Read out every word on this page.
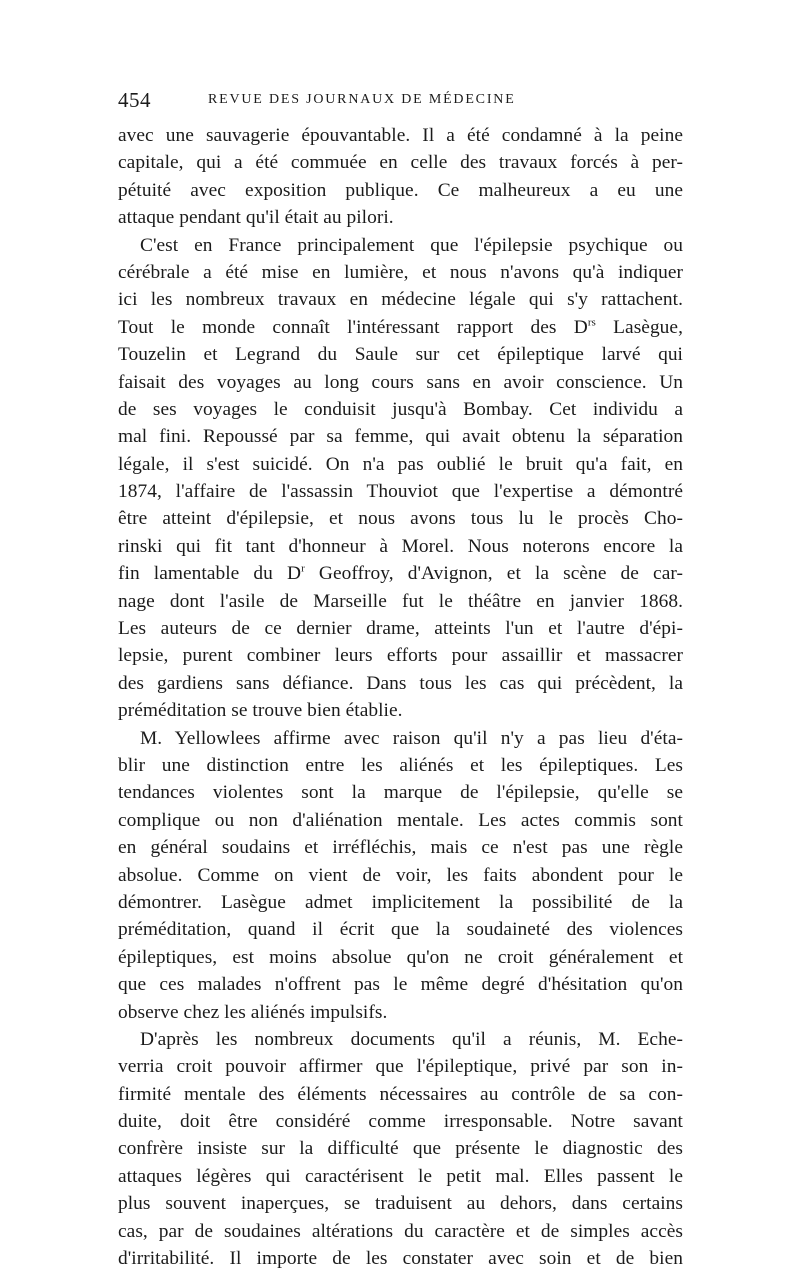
454	REVUE DES JOURNAUX DE MÉDECINE
avec une sauvagerie épouvantable. Il a été condamné à la peine
capitale, qui a été commuée en celle des travaux forcés à per-
pétuité avec exposition publique. Ce malheureux a eu une
attaque pendant qu'il était au pilori.
C'est en France principalement que l'épilepsie psychique ou
cérébrale a été mise en lumière, et nous n'avons qu'à indiquer
ici les nombreux travaux en médecine légale qui s'y rattachent.
Tout le monde connaît l'intéressant rapport des $D^{rs}$ Lasègue,
Touzelin et Legrand du Saule sur cet épileptique larvé qui
faisait des voyages au long cours sans en avoir conscience. Un
de ses voyages le conduisit jusqu'à Bombay. Cet individu a
mal fini. Repoussé par sa femme, qui avait obtenu la séparation
légale, il s'est suicidé. On n'a pas oublié le bruit qu'a fait, en
1874, l'affaire de l'assassin Thouviot que l'expertise a démontré
être atteint d'épilepsie, et nous avons tous lu le procès Cho-
rinski qui fit tant d'honneur à Morel. Nous noterons encore la
fin lamentable du $D^r$ Geoffroy, d'Avignon, et la scène de car-
nage dont l'asile de Marseille fut le théâtre en janvier 1868.
Les auteurs de ce dernier drame, atteints l'un et l'autre d'épi-
lepsie, purent combiner leurs efforts pour assaillir et massacrer
des gardiens sans défiance. Dans tous les cas qui précèdent, la
préméditation se trouve bien établie.
M. Yellowlees affirme avec raison qu'il n'y a pas lieu d'éta-
blir une distinction entre les aliénés et les épileptiques. Les
tendances violentes sont la marque de l'épilepsie, qu'elle se
complique ou non d'aliénation mentale. Les actes commis sont
en général soudains et irréfléchis, mais ce n'est pas une règle
absolue. Comme on vient de voir, les faits abondent pour le
démontrer. Lasègue admet implicitement la possibilité de la
préméditation, quand il écrit que la soudaineté des violences
épileptiques, est moins absolue qu'on ne croit généralement et
que ces malades n'offrent pas le même degré d'hésitation qu'on
observe chez les aliénés impulsifs.
D'après les nombreux documents qu'il a réunis, M. Eche-
verria croit pouvoir affirmer que l'épileptique, privé par son in-
firmité mentale des éléments nécessaires au contrôle de sa con-
duite, doit être considéré comme irresponsable. Notre savant
confrère insiste sur la difficulté que présente le diagnostic des
attaques légères qui caractérisent le petit mal. Elles passent le
plus souvent inaperçues, se traduisent au dehors, dans certains
cas, par de soudaines altérations du caractère et de simples accès
d'irritabilité. Il importe de les constater avec soin et de bien
